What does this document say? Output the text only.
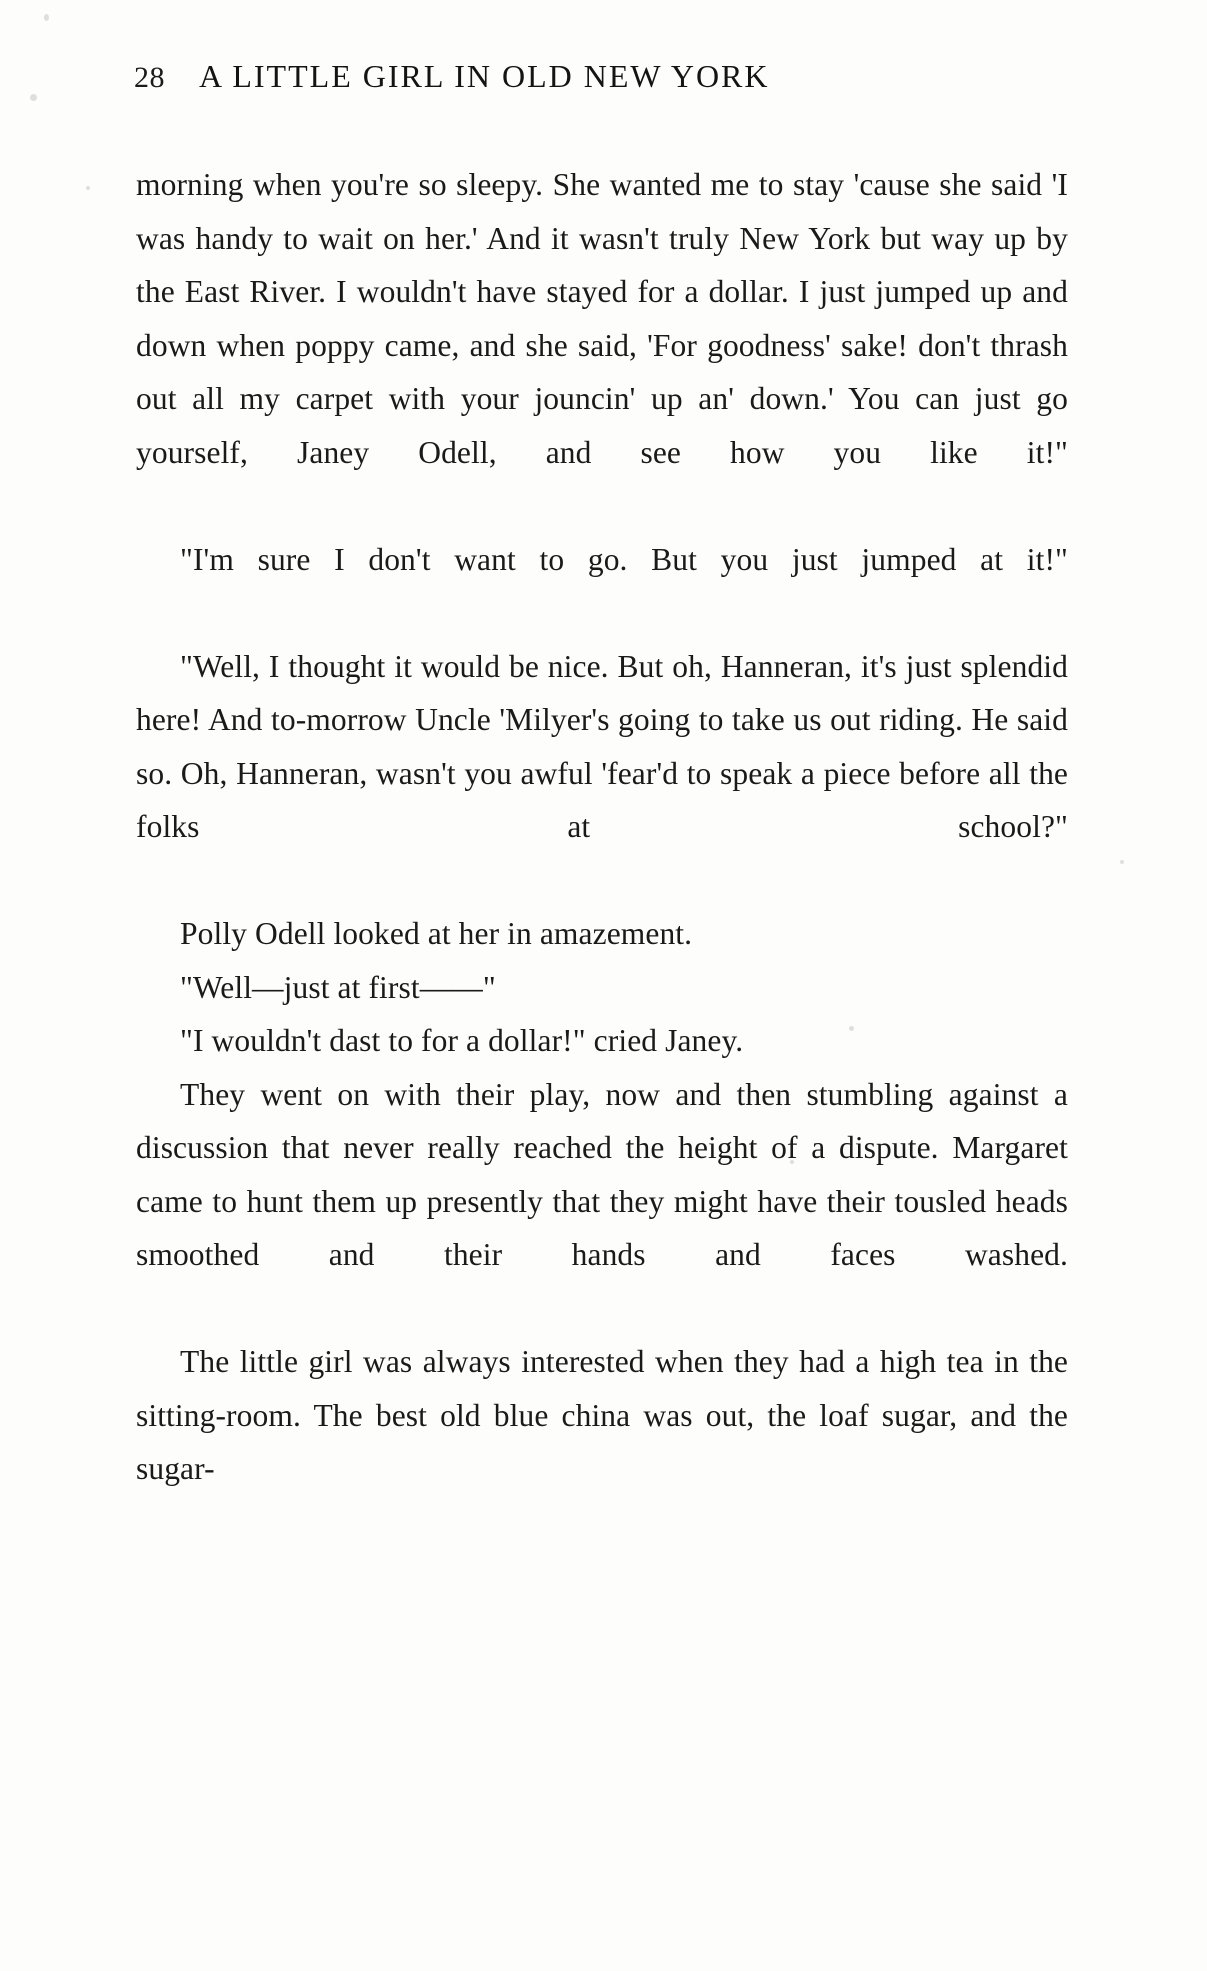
28 A LITTLE GIRL IN OLD NEW YORK

morning when you're so sleepy. She wanted me to stay 'cause she said 'I was handy to wait on her.' And it wasn't truly New York but way up by the East River. I wouldn't have stayed for a dollar. I just jumped up and down when poppy came, and she said, 'For goodness' sake! don't thrash out all my carpet with your jouncin' up an' down.' You can just go yourself, Janey Odell, and see how you like it!"

"I'm sure I don't want to go. But you just jumped at it!"

"Well, I thought it would be nice. But oh, Hanneran, it's just splendid here! And to-morrow Uncle 'Milyer's going to take us out riding. He said so. Oh, Hanneran, wasn't you awful 'fear'd to speak a piece before all the folks at school?"

Polly Odell looked at her in amazement.

"Well—just at first——"

"I wouldn't dast to for a dollar!" cried Janey.

They went on with their play, now and then stumbling against a discussion that never really reached the height of a dispute. Margaret came to hunt them up presently that they might have their tousled heads smoothed and their hands and faces washed.

The little girl was always interested when they had a high tea in the sitting-room. The best old blue china was out, the loaf sugar, and the sugar-
